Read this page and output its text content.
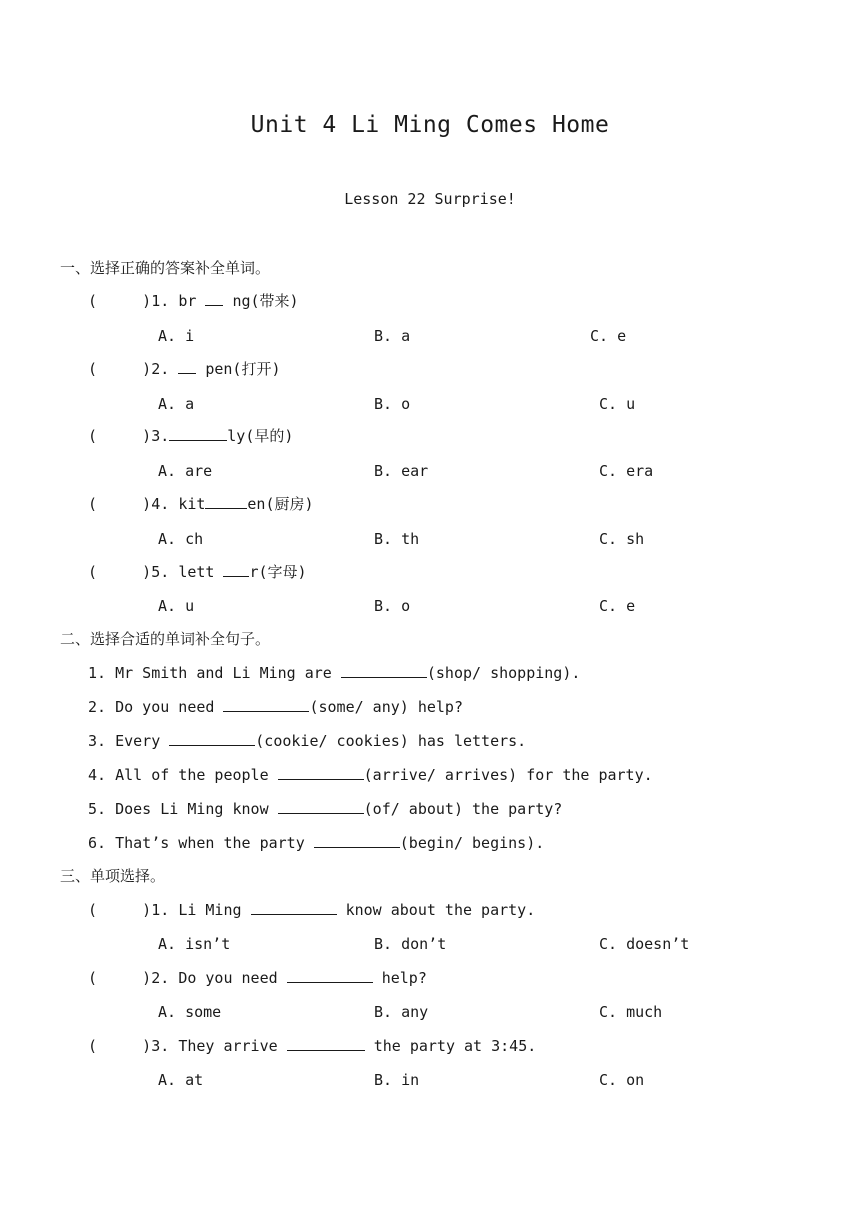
Unit 4 Li Ming Comes Home
Lesson 22 Surprise!
一、选择正确的答案补全单词。
(     )1. br ng(带来)
A. i	B. a	C. e
(     )2. pen(打开)
A. a	B. o	C. u
(     )3.	ly(早的)
A. are	B. ear	C. era
(     )4. kit	en(厨房)
A. ch	B. th	C. sh
(     )5. lett r(字母)
A. u	B. o	C. e
二、选择合适的单词补全句子。
1. Mr Smith and Li Ming are	(shop/ shopping).
2. Do you need	(some/ any) help?
3. Every	(cookie/ cookies) has letters.
4. All of the people	(arrive/ arrives) for the party.
5. Does Li Ming know	(of/ about) the party?
6. That’s when the party	(begin/ begins).
三、单项选择。
(     )1. Li Ming	know about the party.
A. isn’t	B. don’t	C. doesn’t
(     )2. Do you need	help?
A. some	B. any	C. much
(     )3. They arrive	the party at 3:45.
A. at	B. in	C. on
